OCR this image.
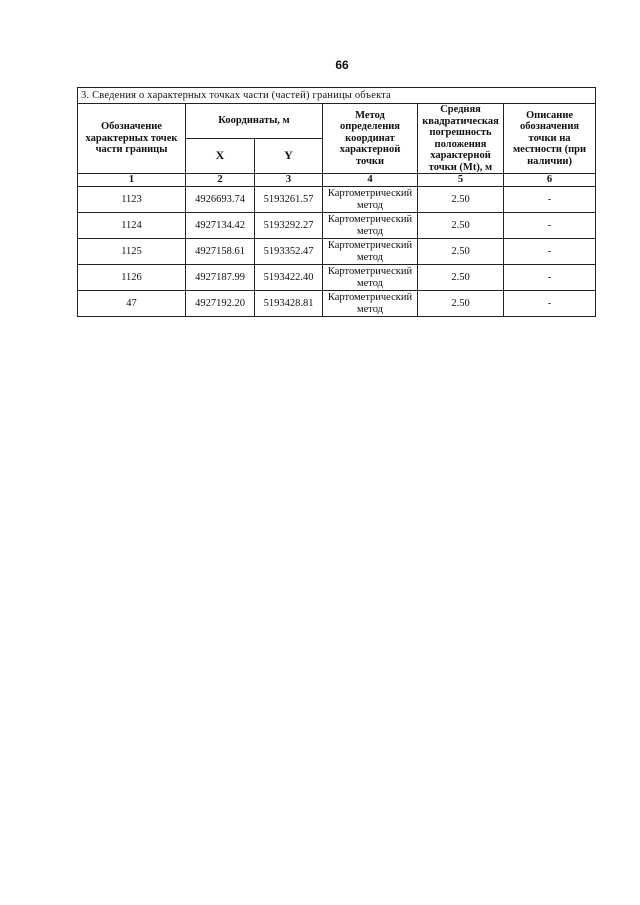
66
3. Сведения о характерных точках части (частей) границы объекта					
Обозначение характерных точек части границы	Координаты, м		Метод определения координат характерной точки	Средняя квадратическая погрешность положения характерной точки (Mt), м	Описание обозначения точки на местности (при наличии)
	X	Y			
1	2	3	4	5	6
1123	4926693.74	5193261.57	Картометрический метод	2.50	-
1124	4927134.42	5193292.27	Картометрический метод	2.50	-
1125	4927158.61	5193352.47	Картометрический метод	2.50	-
1126	4927187.99	5193422.40	Картометрический метод	2.50	-
47	4927192.20	5193428.81	Картометрический метод	2.50	-
